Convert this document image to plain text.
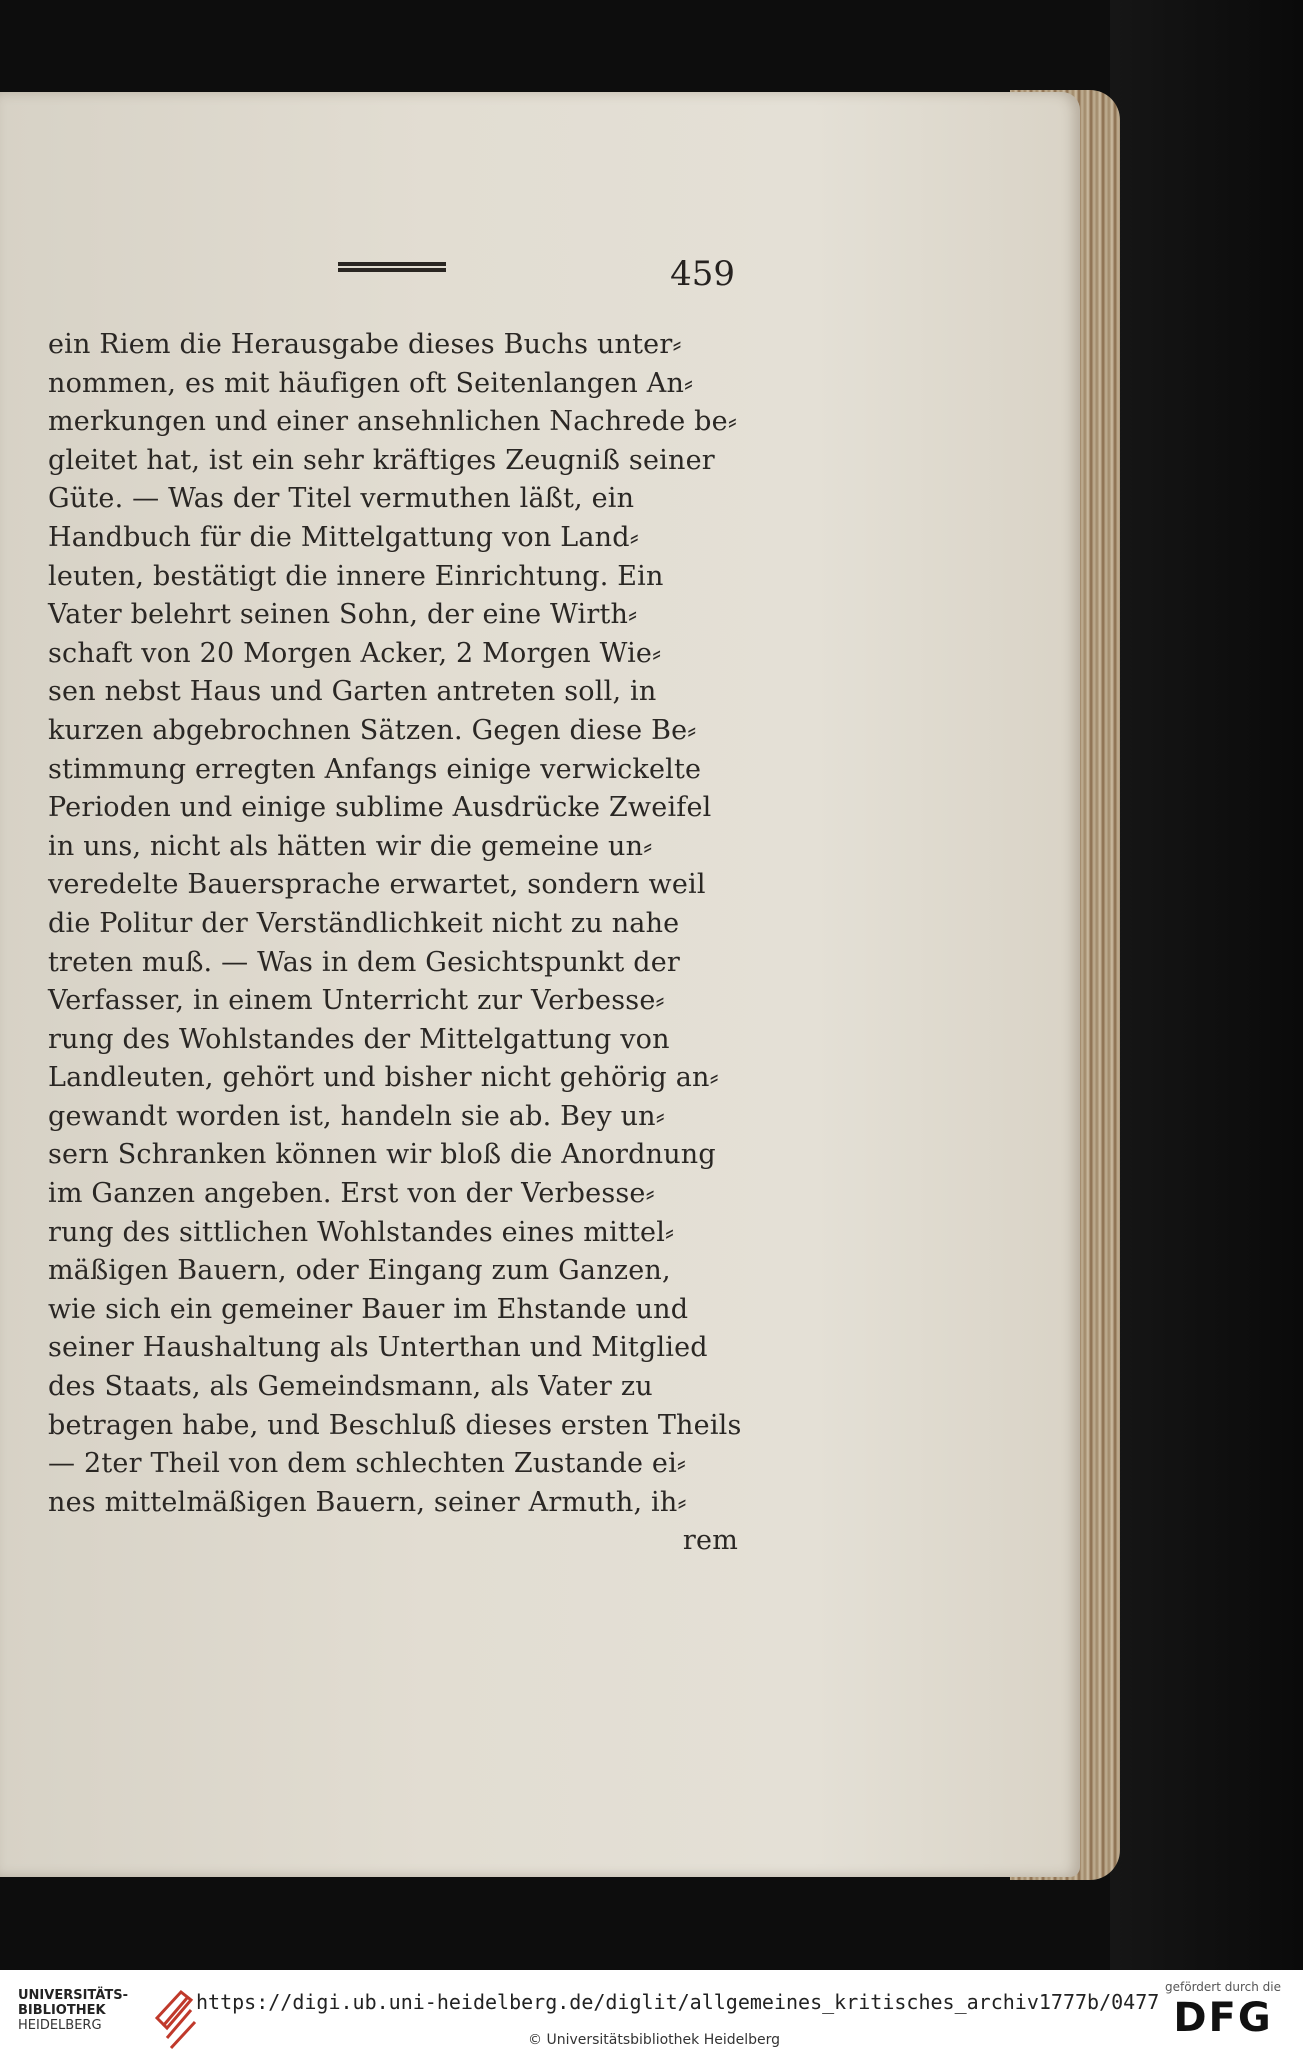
459
ein Riem die Herausgabe dieses Buchs unter⸗
nommen, es mit häufigen oft Seitenlangen An⸗
merkungen und einer ansehnlichen Nachrede be⸗
gleitet hat, ist ein sehr kräftiges Zeugniß seiner
Güte. — Was der Titel vermuthen läßt, ein
Handbuch für die Mittelgattung von Land⸗
leuten, bestätigt die innere Einrichtung. Ein
Vater belehrt seinen Sohn, der eine Wirth⸗
schaft von 20 Morgen Acker, 2 Morgen Wie⸗
sen nebst Haus und Garten antreten soll, in
kurzen abgebrochnen Sätzen. Gegen diese Be⸗
stimmung erregten Anfangs einige verwickelte
Perioden und einige sublime Ausdrücke Zweifel
in uns, nicht als hätten wir die gemeine un⸗
veredelte Bauersprache erwartet, sondern weil
die Politur der Verständlichkeit nicht zu nahe
treten muß. — Was in dem Gesichtspunkt der
Verfasser, in einem Unterricht zur Verbesse⸗
rung des Wohlstandes der Mittelgattung von
Landleuten, gehört und bisher nicht gehörig an⸗
gewandt worden ist, handeln sie ab. Bey un⸗
sern Schranken können wir bloß die Anordnung
im Ganzen angeben. Erst von der Verbesse⸗
rung des sittlichen Wohlstandes eines mittel⸗
mäßigen Bauern, oder Eingang zum Ganzen,
wie sich ein gemeiner Bauer im Ehstande und
seiner Haushaltung als Unterthan und Mitglied
des Staats, als Gemeindsmann, als Vater zu
betragen habe, und Beschluß dieses ersten Theils
— 2ter Theil von dem schlechten Zustande ei⸗
nes mittelmäßigen Bauern, seiner Armuth, ih⸗
rem
UNIVERSITÄTS-
BIBLIOTHEK
HEIDELBERG
https://digi.ub.uni-heidelberg.de/diglit/allgemeines_kritisches_archiv1777b/0477
© Universitätsbibliothek Heidelberg
gefördert durch die
DFG
